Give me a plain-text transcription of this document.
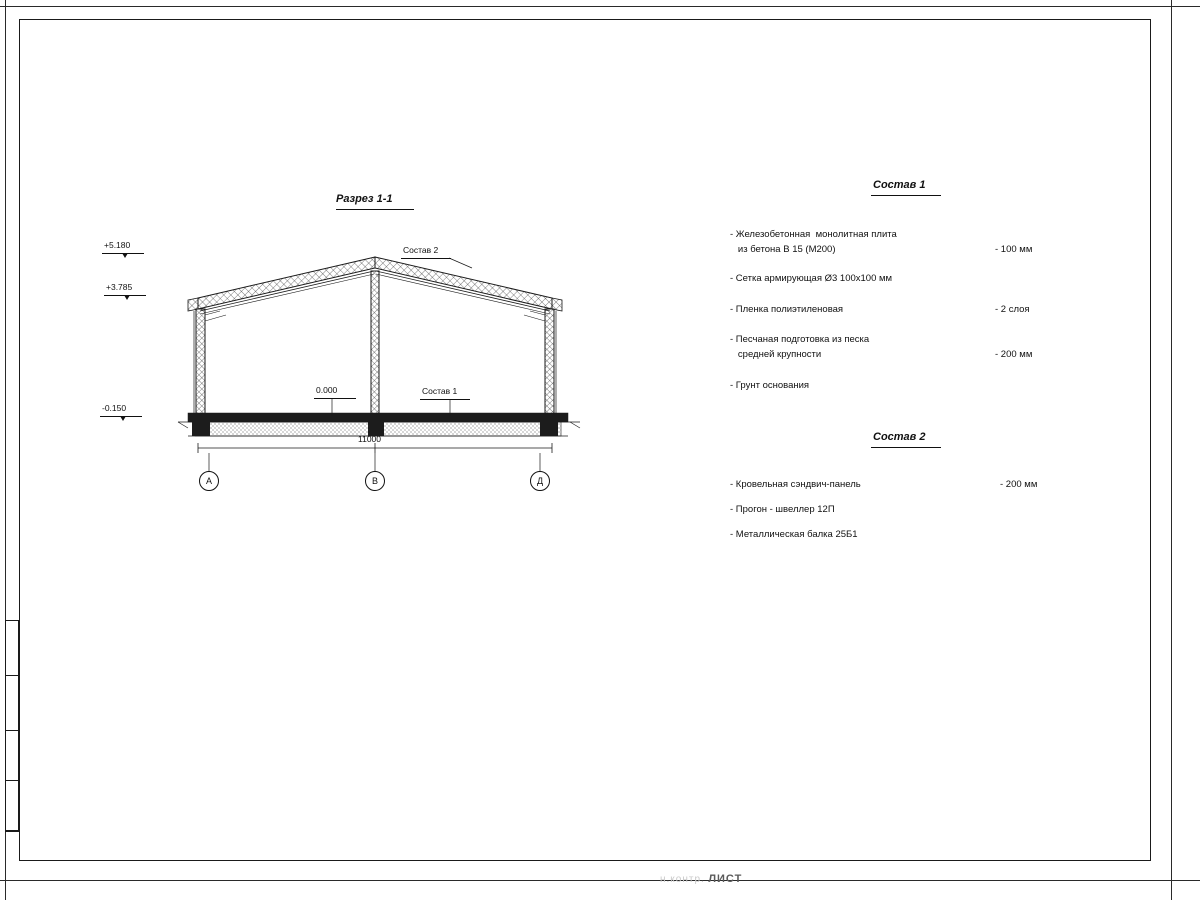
Разрез 1-1
+5.180
+3.785
-0.150
0.000
Состав 2
Состав 1
11000
А	В	Д
Состав 1
- Железобетонная  монолитная плита
из бетона В 15 (М200)	- 100 мм
- Сетка армирующая Ø3 100х100 мм
- Пленка полиэтиленовая	- 2 слоя
- Песчаная подготовка из песка
средней крупности	- 200 мм
- Грунт основания
Состав 2
- Кровельная сэндвич-панель	- 200 мм
- Прогон - швеллер 12П
- Металлическая балка 25Б1
н.контр. ЛИСТ
